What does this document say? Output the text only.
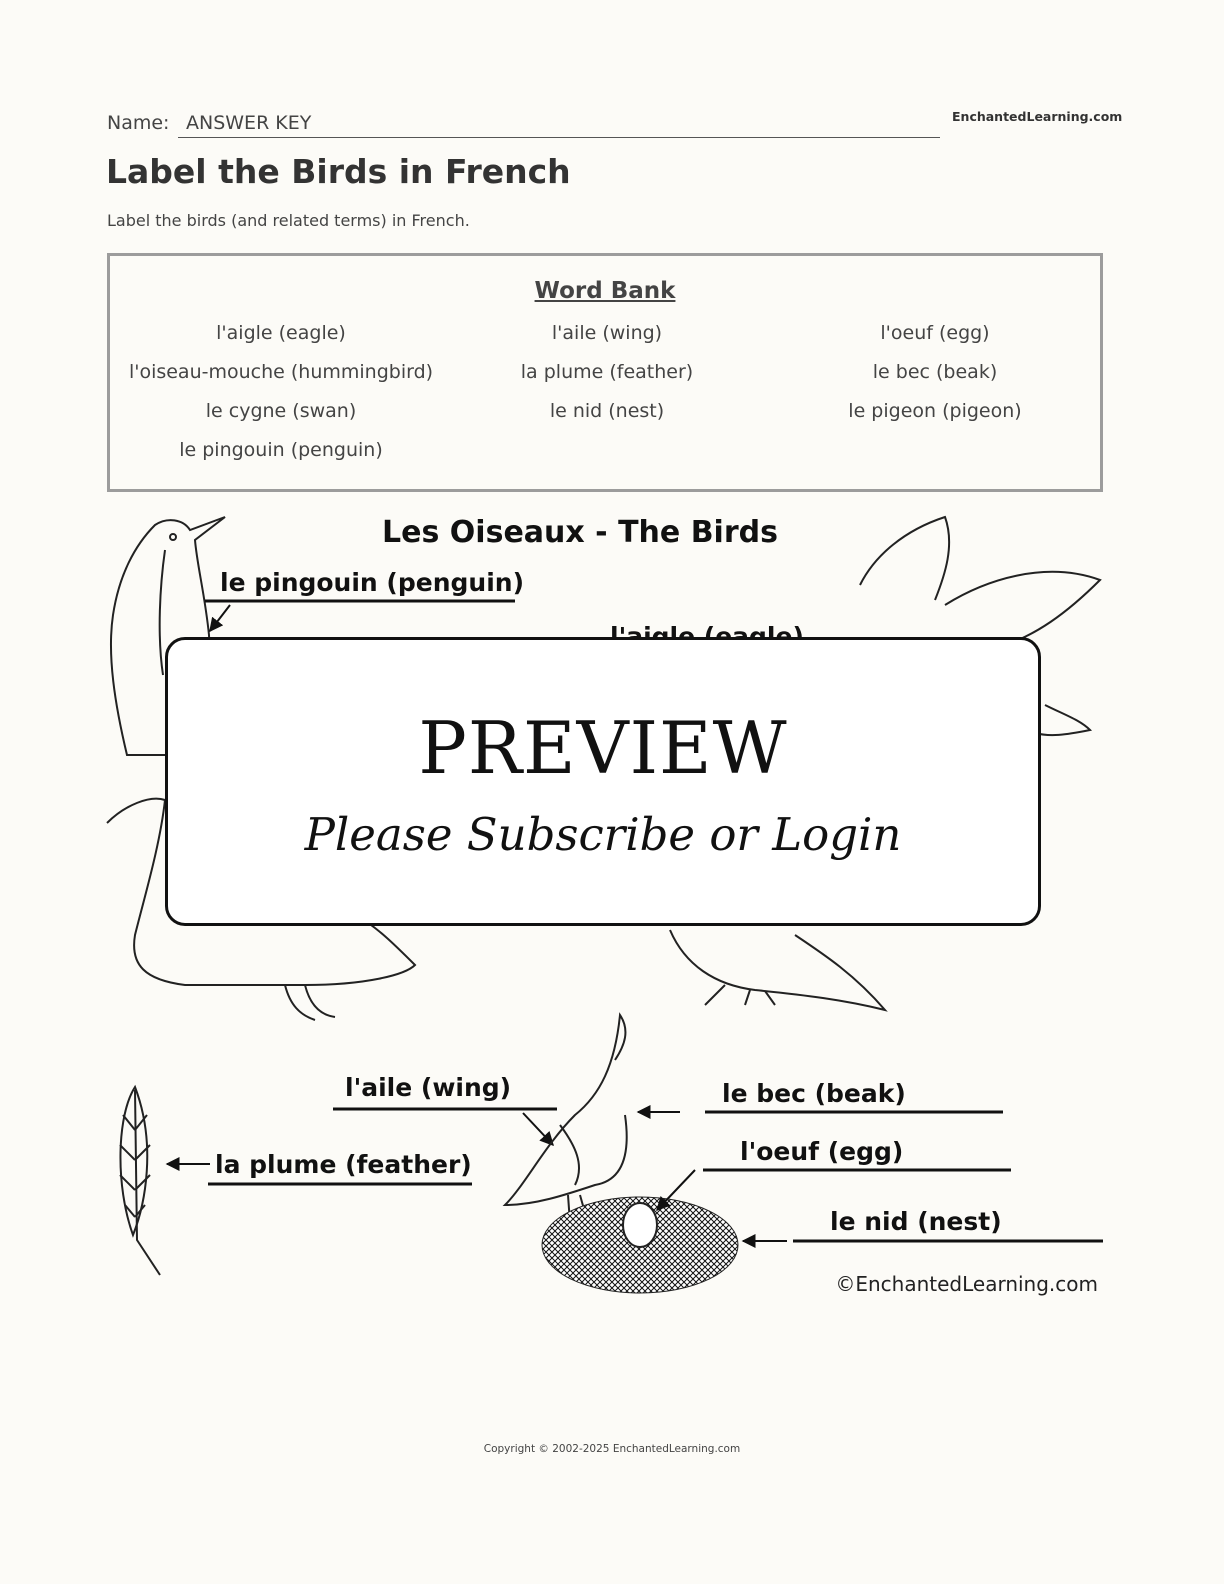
Name: ANSWER KEY	EnchantedLearning.com
Label the Birds in French
Label the birds (and related terms) in French.
Word Bank
l'aigle (eagle)
l'oiseau-mouche (hummingbird)
le cygne (swan)
le pingouin (penguin)
l'aile (wing)
la plume (feather)
le nid (nest)
l'oeuf (egg)
le bec (beak)
le pigeon (pigeon)
Les Oiseaux - The Birds
le pingouin (penguin)
la plume (feather)
l'aile (wing)	le bec (beak)
l'oeuf (egg)
le nid (nest)
©EnchantedLearning.com
PREVIEW
Please Subscribe or Login
Copyright © 2002-2025 EnchantedLearning.com
